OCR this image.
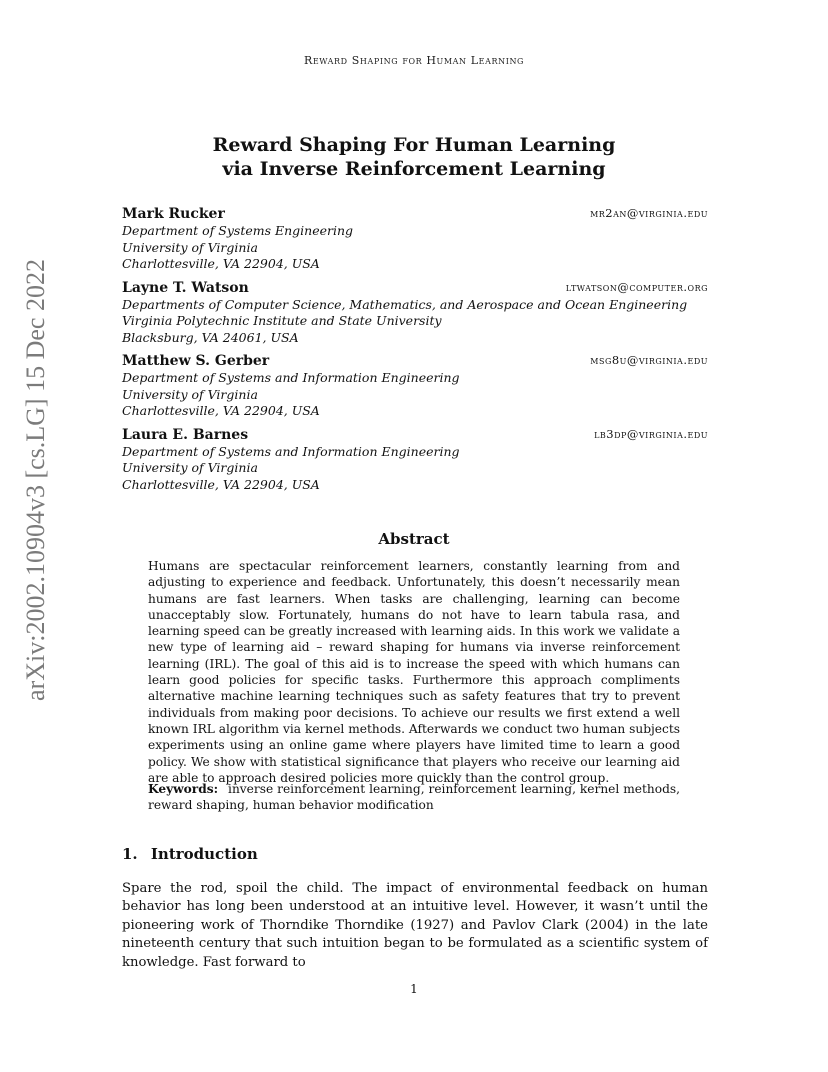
Reward Shaping for Human Learning
arXiv:2002.10904v3 [cs.LG] 15 Dec 2022
Reward Shaping For Human Learning
via Inverse Reinforcement Learning
Mark Rucker	mr2an@virginia.edu
Department of Systems Engineering
University of Virginia
Charlottesville, VA 22904, USA
Layne T. Watson	ltwatson@computer.org
Departments of Computer Science, Mathematics, and Aerospace and Ocean Engineering
Virginia Polytechnic Institute and State University
Blacksburg, VA 24061, USA
Matthew S. Gerber	msg8u@virginia.edu
Department of Systems and Information Engineering
University of Virginia
Charlottesville, VA 22904, USA
Laura E. Barnes	lb3dp@virginia.edu
Department of Systems and Information Engineering
University of Virginia
Charlottesville, VA 22904, USA
Abstract
Humans are spectacular reinforcement learners, constantly learning from and adjusting to experience and feedback. Unfortunately, this doesn’t necessarily mean humans are fast learners. When tasks are challenging, learning can become unacceptably slow. Fortunately, humans do not have to learn tabula rasa, and learning speed can be greatly increased with learning aids. In this work we validate a new type of learning aid – reward shaping for humans via inverse reinforcement learning (IRL). The goal of this aid is to increase the speed with which humans can learn good policies for specific tasks. Furthermore this approach compliments alternative machine learning techniques such as safety features that try to prevent individuals from making poor decisions. To achieve our results we first extend a well known IRL algorithm via kernel methods. Afterwards we conduct two human subjects experiments using an online game where players have limited time to learn a good policy. We show with statistical significance that players who receive our learning aid are able to approach desired policies more quickly than the control group.
Keywords: inverse reinforcement learning, reinforcement learning, kernel methods, reward shaping, human behavior modification
1. Introduction
Spare the rod, spoil the child. The impact of environmental feedback on human behavior has long been understood at an intuitive level. However, it wasn’t until the pioneering work of Thorndike Thorndike (1927) and Pavlov Clark (2004) in the late nineteenth century that such intuition began to be formulated as a scientific system of knowledge. Fast forward to
1
